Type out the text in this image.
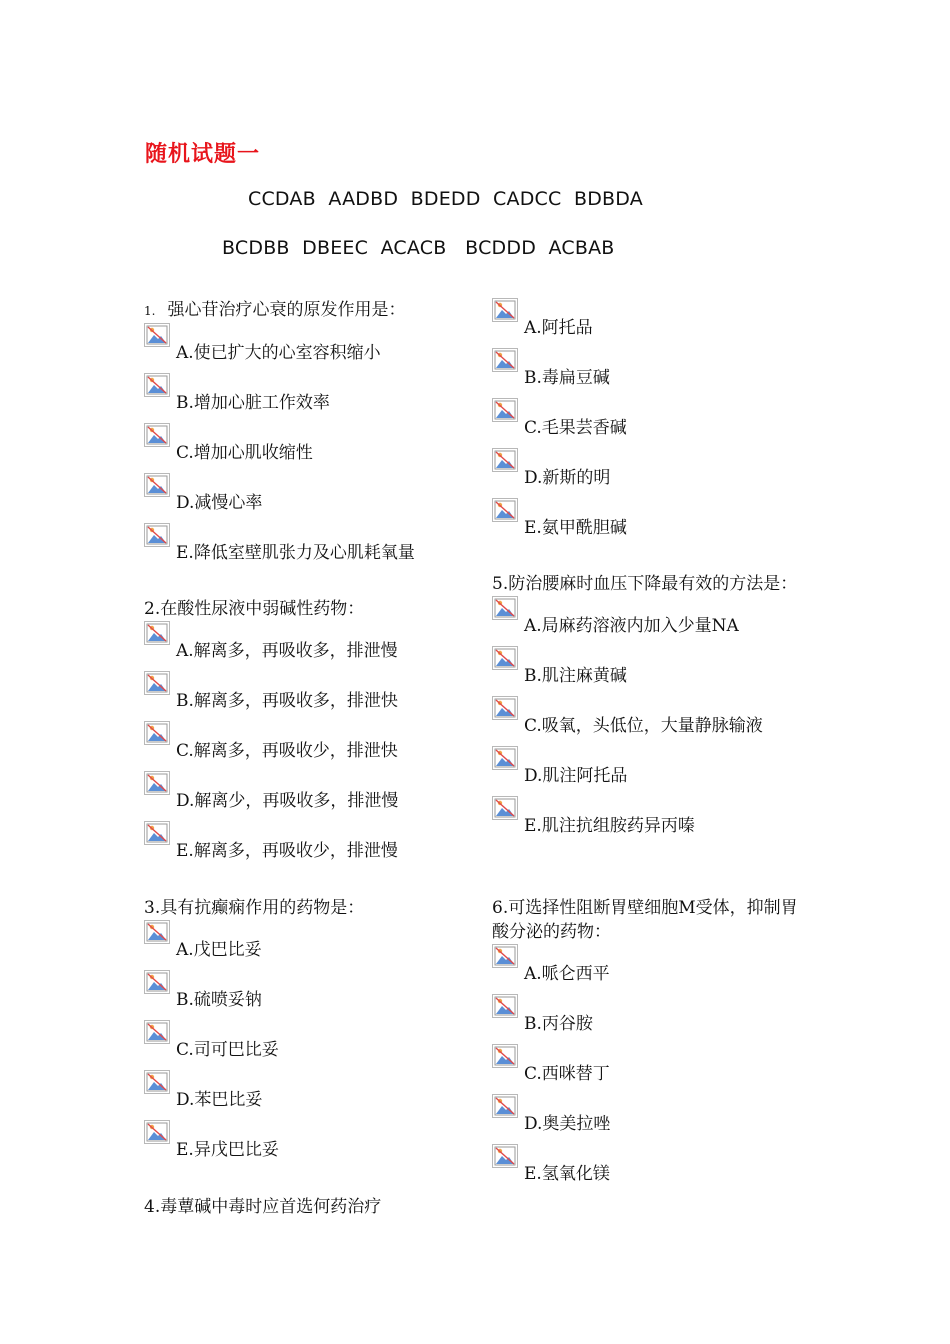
随机试题一
CCDAB  AADBD  BDEDD  CADCC  BDBDA
BCDBB  DBEEC  ACACB   BCDDD  ACBAB

1. 强心苷治疗心衰的原发作用是：

A.使已扩大的心室容积缩小
B.增加心脏工作效率
C.增加心肌收缩性
D.减慢心率
E.降低室壁肌张力及心肌耗氧量

2.在酸性尿液中弱碱性药物：

A.解离多，再吸收多，排泄慢
B.解离多，再吸收多，排泄快
C.解离多，再吸收少，排泄快
D.解离少，再吸收多，排泄慢
E.解离多，再吸收少，排泄慢

3.具有抗癫痫作用的药物是：

A.戊巴比妥
B.硫喷妥钠
C.司可巴比妥
D.苯巴比妥
E.异戊巴比妥

4.毒蕈碱中毒时应首选何药治疗

A.阿托品
B.毒扁豆碱
C.毛果芸香碱
D.新斯的明
E.氨甲酰胆碱

5.防治腰麻时血压下降最有效的方法是：

A.局麻药溶液内加入少量NA
B.肌注麻黄碱
C.吸氧，头低位，大量静脉输液
D.肌注阿托品
E.肌注抗组胺药异丙嗪

6.可选择性阻断胃壁细胞M受体，抑制胃酸分泌的药物：

A.哌仑西平
B.丙谷胺
C.西咪替丁
D.奥美拉唑
E.氢氧化镁
